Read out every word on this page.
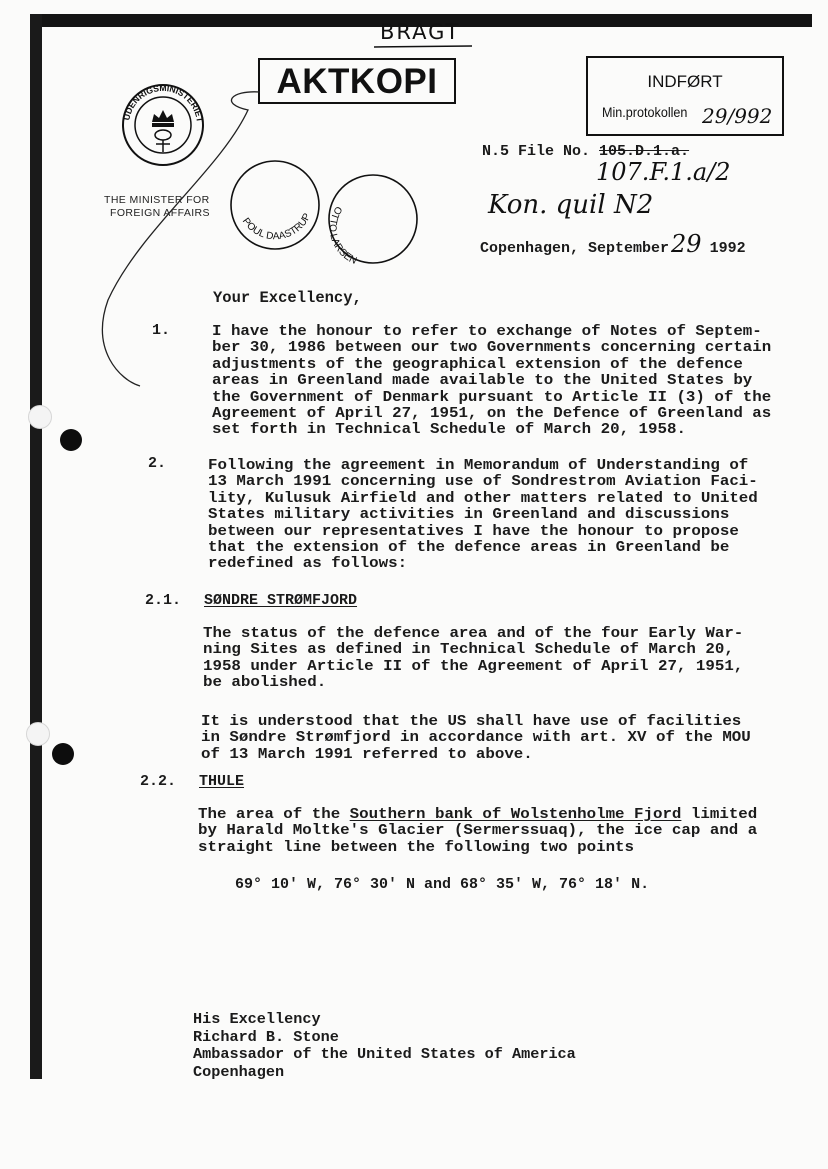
BRAGT
AKTKOPI	INDFØRT
Min.protokollen 29/992
UDENRIGSMINISTERIET
THE MINISTER FOR
FOREIGN AFFAIRS
POUL DAASTRUP
OTTO LARSEN
N.5 File No. 105.D.1.a.
107.F.1.a/2
Kon. quil N2
Copenhagen, September29 1992
Your Excellency,
1.	I have the honour to refer to exchange of Notes of Septem-
ber 30, 1986 between our two Governments concerning certain
adjustments of the geographical extension of the defence
areas in Greenland made available to the United States by
the Government of Denmark pursuant to Article II (3) of the
Agreement of April 27, 1951, on the Defence of Greenland as
set forth in Technical Schedule of March 20, 1958.
2.	Following the agreement in Memorandum of Understanding of
13 March 1991 concerning use of Sondrestrom Aviation Faci-
lity, Kulusuk Airfield and other matters related to United
States military activities in Greenland and discussions
between our representatives I have the honour to propose
that the extension of the defence areas in Greenland be
redefined as follows:
2.1. SØNDRE STRØMFJORD
The status of the defence area and of the four Early War-
ning Sites as defined in Technical Schedule of March 20,
1958 under Article II of the Agreement of April 27, 1951,
be abolished.
It is understood that the US shall have use of facilities
in Søndre Strømfjord in accordance with art. XV of the MOU
of 13 March 1991 referred to above.
2.2. THULE
The area of the Southern bank of Wolstenholme Fjord limited
by Harald Moltke's Glacier (Sermerssuaq), the ice cap and a
straight line between the following two points
69° 10′ W, 76° 30′ N and 68° 35′ W, 76° 18′ N.
His Excellency
Richard B. Stone
Ambassador of the United States of America
Copenhagen
